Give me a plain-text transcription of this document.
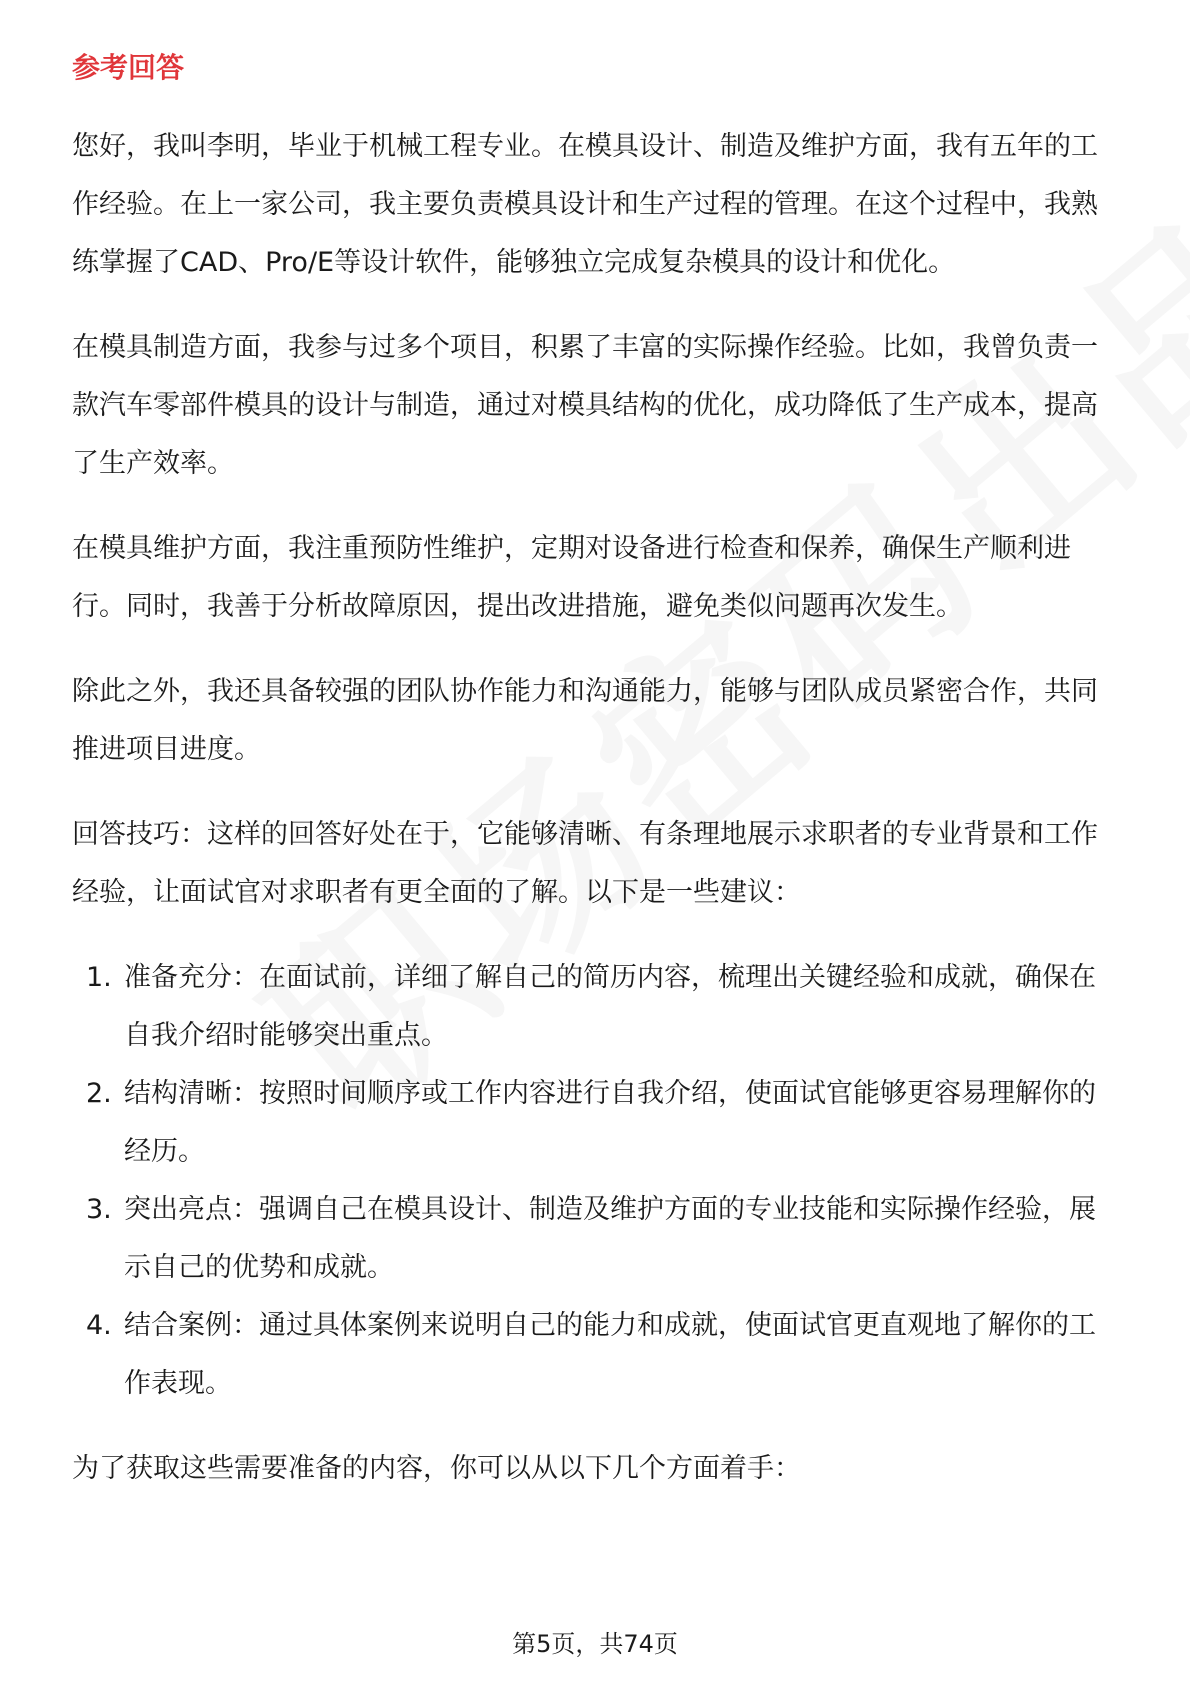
参考回答

您好，我叫李明，毕业于机械工程专业。在模具设计、制造及维护方面，我有五年的工作经验。在上一家公司，我主要负责模具设计和生产过程的管理。在这个过程中，我熟练掌握了CAD、Pro/E等设计软件，能够独立完成复杂模具的设计和优化。

在模具制造方面，我参与过多个项目，积累了丰富的实际操作经验。比如，我曾负责一款汽车零部件模具的设计与制造，通过对模具结构的优化，成功降低了生产成本，提高了生产效率。

在模具维护方面，我注重预防性维护，定期对设备进行检查和保养，确保生产顺利进行。同时，我善于分析故障原因，提出改进措施，避免类似问题再次发生。

除此之外，我还具备较强的团队协作能力和沟通能力，能够与团队成员紧密合作，共同推进项目进度。

回答技巧：这样的回答好处在于，它能够清晰、有条理地展示求职者的专业背景和工作经验，让面试官对求职者有更全面的了解。以下是一些建议：

1. 准备充分：在面试前，详细了解自己的简历内容，梳理出关键经验和成就，确保在自我介绍时能够突出重点。
2. 结构清晰：按照时间顺序或工作内容进行自我介绍，使面试官能够更容易理解你的经历。
3. 突出亮点：强调自己在模具设计、制造及维护方面的专业技能和实际操作经验，展示自己的优势和成就。
4. 结合案例：通过具体案例来说明自己的能力和成就，使面试官更直观地了解你的工作表现。

为了获取这些需要准备的内容，你可以从以下几个方面着手：

第5页，共74页
